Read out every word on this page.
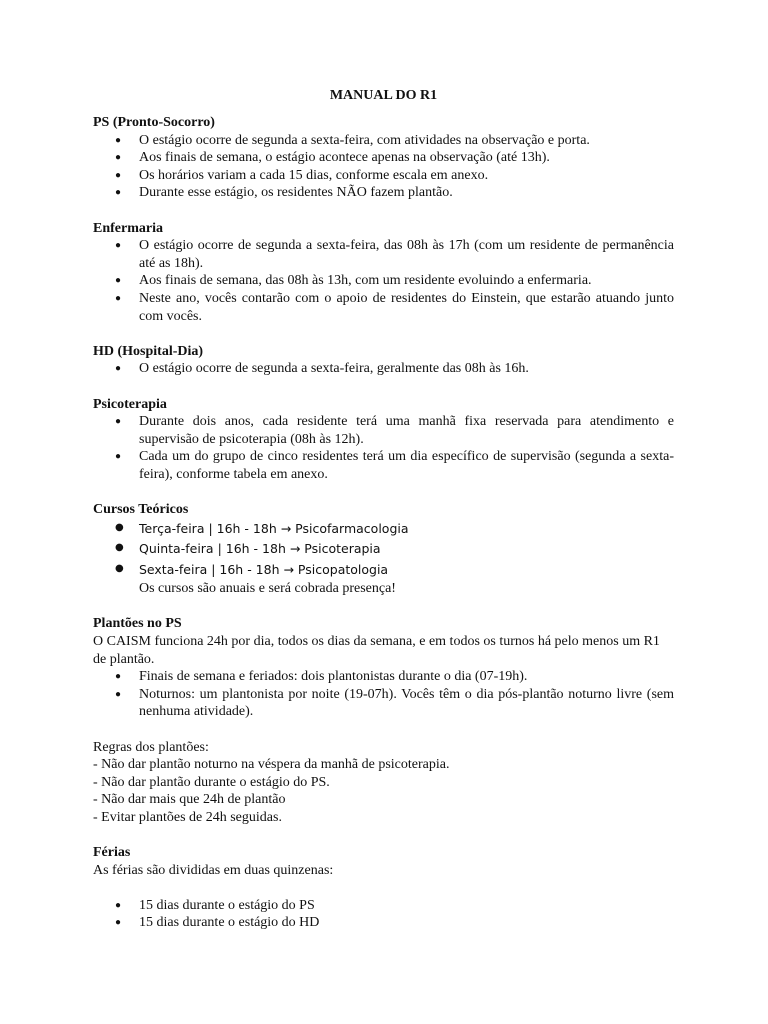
MANUAL DO R1
PS (Pronto-Socorro)
● O estágio ocorre de segunda a sexta-feira, com atividades na observação e porta.
● Aos finais de semana, o estágio acontece apenas na observação (até 13h).
● Os horários variam a cada 15 dias, conforme escala em anexo.
● Durante esse estágio, os residentes NÃO fazem plantão.
Enfermaria
● O estágio ocorre de segunda a sexta-feira, das 08h às 17h (com um residente de permanência até as 18h).
● Aos finais de semana, das 08h às 13h, com um residente evoluindo a enfermaria.
● Neste ano, vocês contarão com o apoio de residentes do Einstein, que estarão atuando junto com vocês.
HD (Hospital-Dia)
● O estágio ocorre de segunda a sexta-feira, geralmente das 08h às 16h.
Psicoterapia
● Durante dois anos, cada residente terá uma manhã fixa reservada para atendimento e supervisão de psicoterapia (08h às 12h).
● Cada um do grupo de cinco residentes terá um dia específico de supervisão (segunda a sexta-feira), conforme tabela em anexo.
Cursos Teóricos
● Terça-feira | 16h - 18h → Psicofarmacologia
● Quinta-feira | 16h - 18h → Psicoterapia
● Sexta-feira | 16h - 18h → Psicopatologia
Os cursos são anuais e será cobrada presença!
Plantões no PS
O CAISM funciona 24h por dia, todos os dias da semana, e em todos os turnos há pelo menos um R1 de plantão.
● Finais de semana e feriados: dois plantonistas durante o dia (07-19h).
● Noturnos: um plantonista por noite (19-07h). Vocês têm o dia pós-plantão noturno livre (sem nenhuma atividade).
Regras dos plantões:
- Não dar plantão noturno na véspera da manhã de psicoterapia.
- Não dar plantão durante o estágio do PS.
- Não dar mais que 24h de plantão
- Evitar plantões de 24h seguidas.
Férias
As férias são divididas em duas quinzenas:
● 15 dias durante o estágio do PS
● 15 dias durante o estágio do HD
